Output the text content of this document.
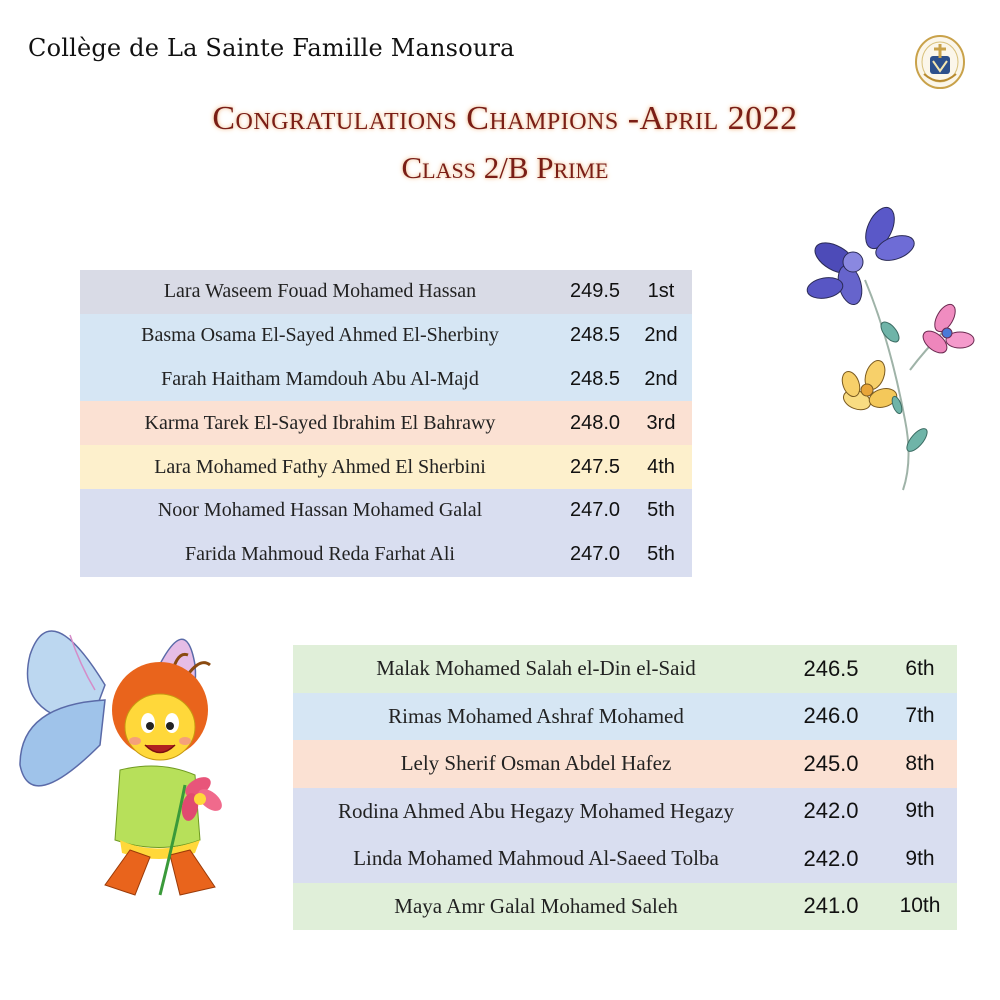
Collège de La Sainte Famille Mansoura
Congratulations Champions -April 2022
Class 2/B Prime
Lara Waseem Fouad Mohamed Hassan	249.5	1st
Basma Osama El-Sayed Ahmed El-Sherbiny	248.5	2nd
Farah Haitham Mamdouh Abu Al-Majd	248.5	2nd
Karma Tarek El-Sayed Ibrahim El Bahrawy	248.0	3rd
Lara Mohamed Fathy Ahmed El Sherbini	247.5	4th
Noor Mohamed Hassan Mohamed Galal	247.0	5th
Farida Mahmoud Reda Farhat Ali	247.0	5th
Malak Mohamed Salah el-Din el-Said	246.5	6th
Rimas Mohamed Ashraf Mohamed	246.0	7th
Lely Sherif Osman Abdel Hafez	245.0	8th
Rodina Ahmed Abu Hegazy Mohamed Hegazy	242.0	9th
Linda Mohamed Mahmoud Al-Saeed Tolba	242.0	9th
Maya Amr Galal Mohamed Saleh	241.0	10th
